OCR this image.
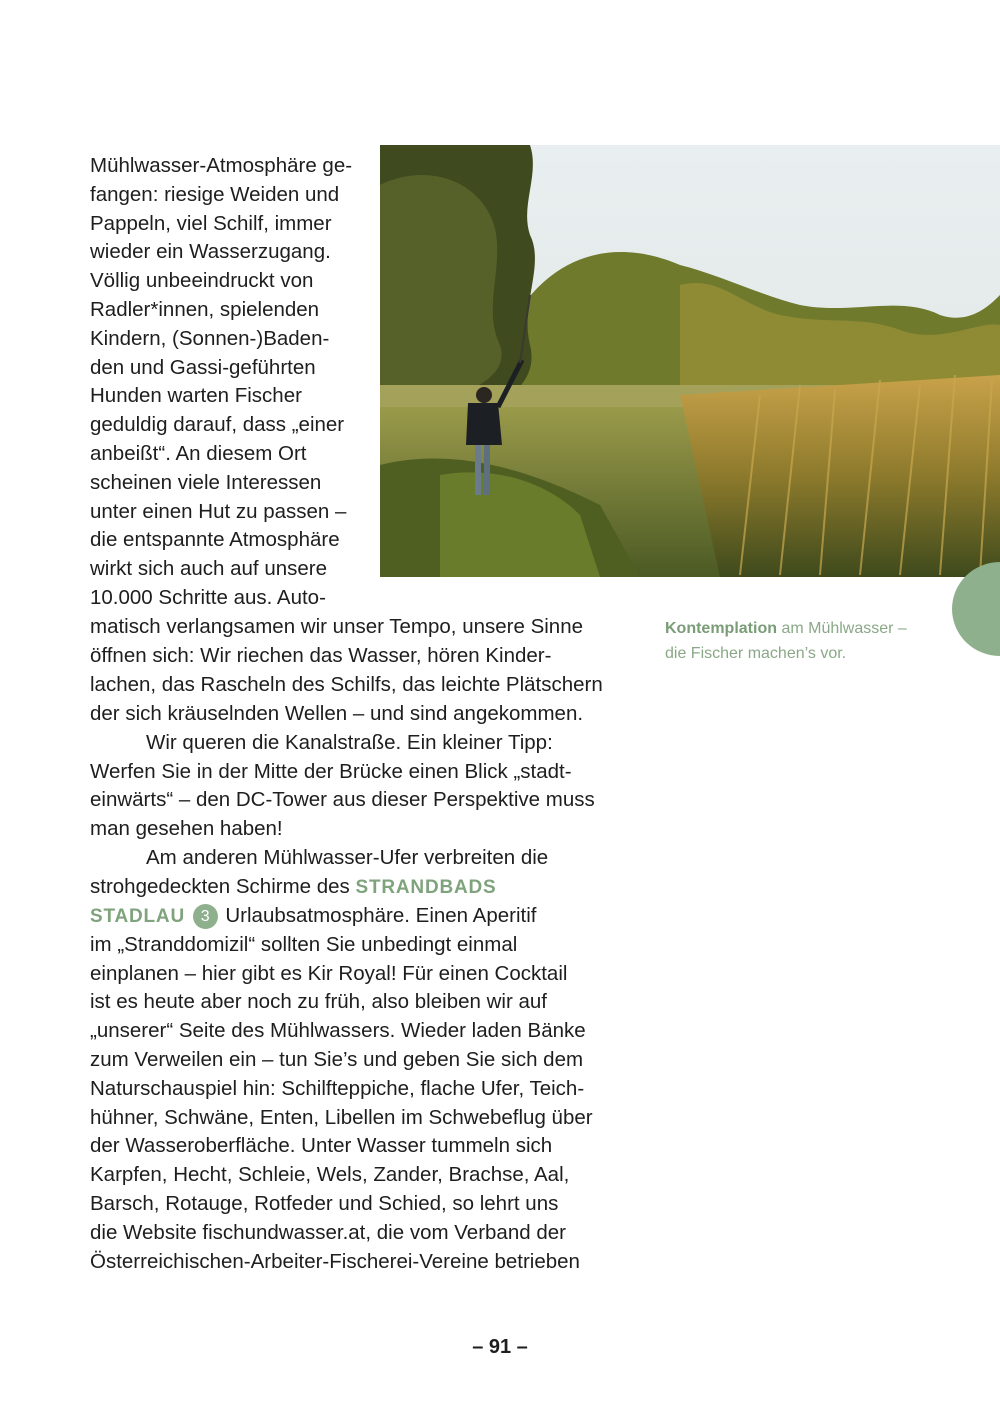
Mühlwasser-Atmosphäre ge-

fangen: riesige Weiden und

Pappeln, viel Schilf, immer

wieder ein Wasserzugang.

Völlig unbeeindruckt von

Radler*innen, spielenden

Kindern, (Sonnen-)Baden-

den und Gassi-geführten

Hunden warten Fischer

geduldig darauf, dass „einer

anbeißt“. An diesem Ort

scheinen viele Interessen

unter einen Hut zu passen –

die entspannte Atmosphäre

wirkt sich auch auf unsere

10.000 Schritte aus. Auto-

matisch verlangsamen wir unser Tempo, unsere Sinne

öffnen sich: Wir riechen das Wasser, hören Kinder-

lachen, das Rascheln des Schilfs, das leichte Plätschern

der sich kräuselnden Wellen – und sind angekommen.

Wir queren die Kanalstraße. Ein kleiner Tipp:

Werfen Sie in der Mitte der Brücke einen Blick „stadt-

einwärts“ – den DC-Tower aus dieser Perspektive muss

man gesehen haben!

Am anderen Mühlwasser-Ufer verbreiten die

strohgedeckten Schirme des STRANDBADS

STADLAU 3 Urlaubsatmosphäre. Einen Aperitif

im „Stranddomizil“ sollten Sie unbedingt einmal

einplanen – hier gibt es Kir Royal! Für einen Cocktail

ist es heute aber noch zu früh, also bleiben wir auf

„unserer“ Seite des Mühlwassers. Wieder laden Bänke

zum Verweilen ein – tun Sie’s und geben Sie sich dem

Naturschauspiel hin: Schilfteppiche, flache Ufer, Teich-

hühner, Schwäne, Enten, Libellen im Schwebeflug über

der Wasseroberfläche. Unter Wasser tummeln sich

Karpfen, Hecht, Schleie, Wels, Zander, Brachse, Aal,

Barsch, Rotauge, Rotfeder und Schied, so lehrt uns

die Website fischundwasser.at, die vom Verband der

Österreichischen-Arbeiter-Fischerei-Vereine betrieben

Kontemplation am Mühlwasser –
die Fischer machen’s vor.
– 91 –
